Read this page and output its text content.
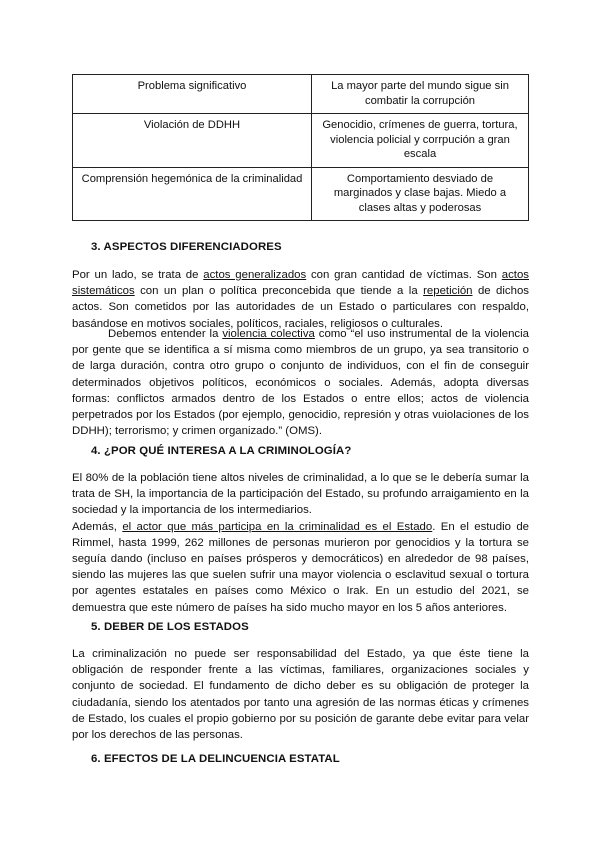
Problema significativo	La mayor parte del mundo sigue sin combatir la corrupción
Violación de DDHH	Genocidio, crímenes de guerra, tortura, violencia policial y corrpución a gran escala
Comprensión hegemónica de la criminalidad	Comportamiento desviado de marginados y clase bajas. Miedo a clases altas y poderosas
3. ASPECTOS DIFERENCIADORES

Por un lado, se trata de actos generalizados con gran cantidad de víctimas. Son actos sistemáticos con un plan o política preconcebida que tiende a la repetición de dichos actos. Son cometidos por las autoridades de un Estado o particulares con respaldo, basándose en motivos sociales, políticos, raciales, religiosos o culturales.

Debemos entender la violencia colectiva como “el uso instrumental de la violencia por gente que se identifica a sí misma como miembros de un grupo, ya sea transitorio o de larga duración, contra otro grupo o conjunto de individuos, con el fin de conseguir determinados objetivos políticos, económicos o sociales. Además, adopta diversas formas: conflictos armados dentro de los Estados o entre ellos; actos de violencia perpetrados por los Estados (por ejemplo, genocidio, represión y otras vuiolaciones de los DDHH); terrorismo; y crimen organizado.” (OMS).

4. ¿POR QUÉ INTERESA A LA CRIMINOLOGÍA?

El 80% de la población tiene altos niveles de criminalidad, a lo que se le debería sumar la trata de SH, la importancia de la participación del Estado, su profundo arraigamiento en la sociedad y la importancia de los intermediarios.

Además, el actor que más participa en la criminalidad es el Estado. En el estudio de Rimmel, hasta 1999, 262 millones de personas murieron por genocidios y la tortura se seguía dando (incluso en países prósperos y democráticos) en alrededor de 98 países, siendo las mujeres las que suelen sufrir una mayor violencia o esclavitud sexual o tortura por agentes estatales en países como México o Irak. En un estudio del 2021, se demuestra que este número de países ha sido mucho mayor en los 5 años anteriores.

5. DEBER DE LOS ESTADOS

La criminalización no puede ser responsabilidad del Estado, ya que éste tiene la obligación de responder frente a las víctimas, familiares, organizaciones sociales y conjunto de sociedad. El fundamento de dicho deber es su obligación de proteger la ciudadanía, siendo los atentados por tanto una agresión de las normas éticas y crímenes de Estado, los cuales el propio gobierno por su posición de garante debe evitar para velar por los derechos de las personas.

6. EFECTOS DE LA DELINCUENCIA ESTATAL
